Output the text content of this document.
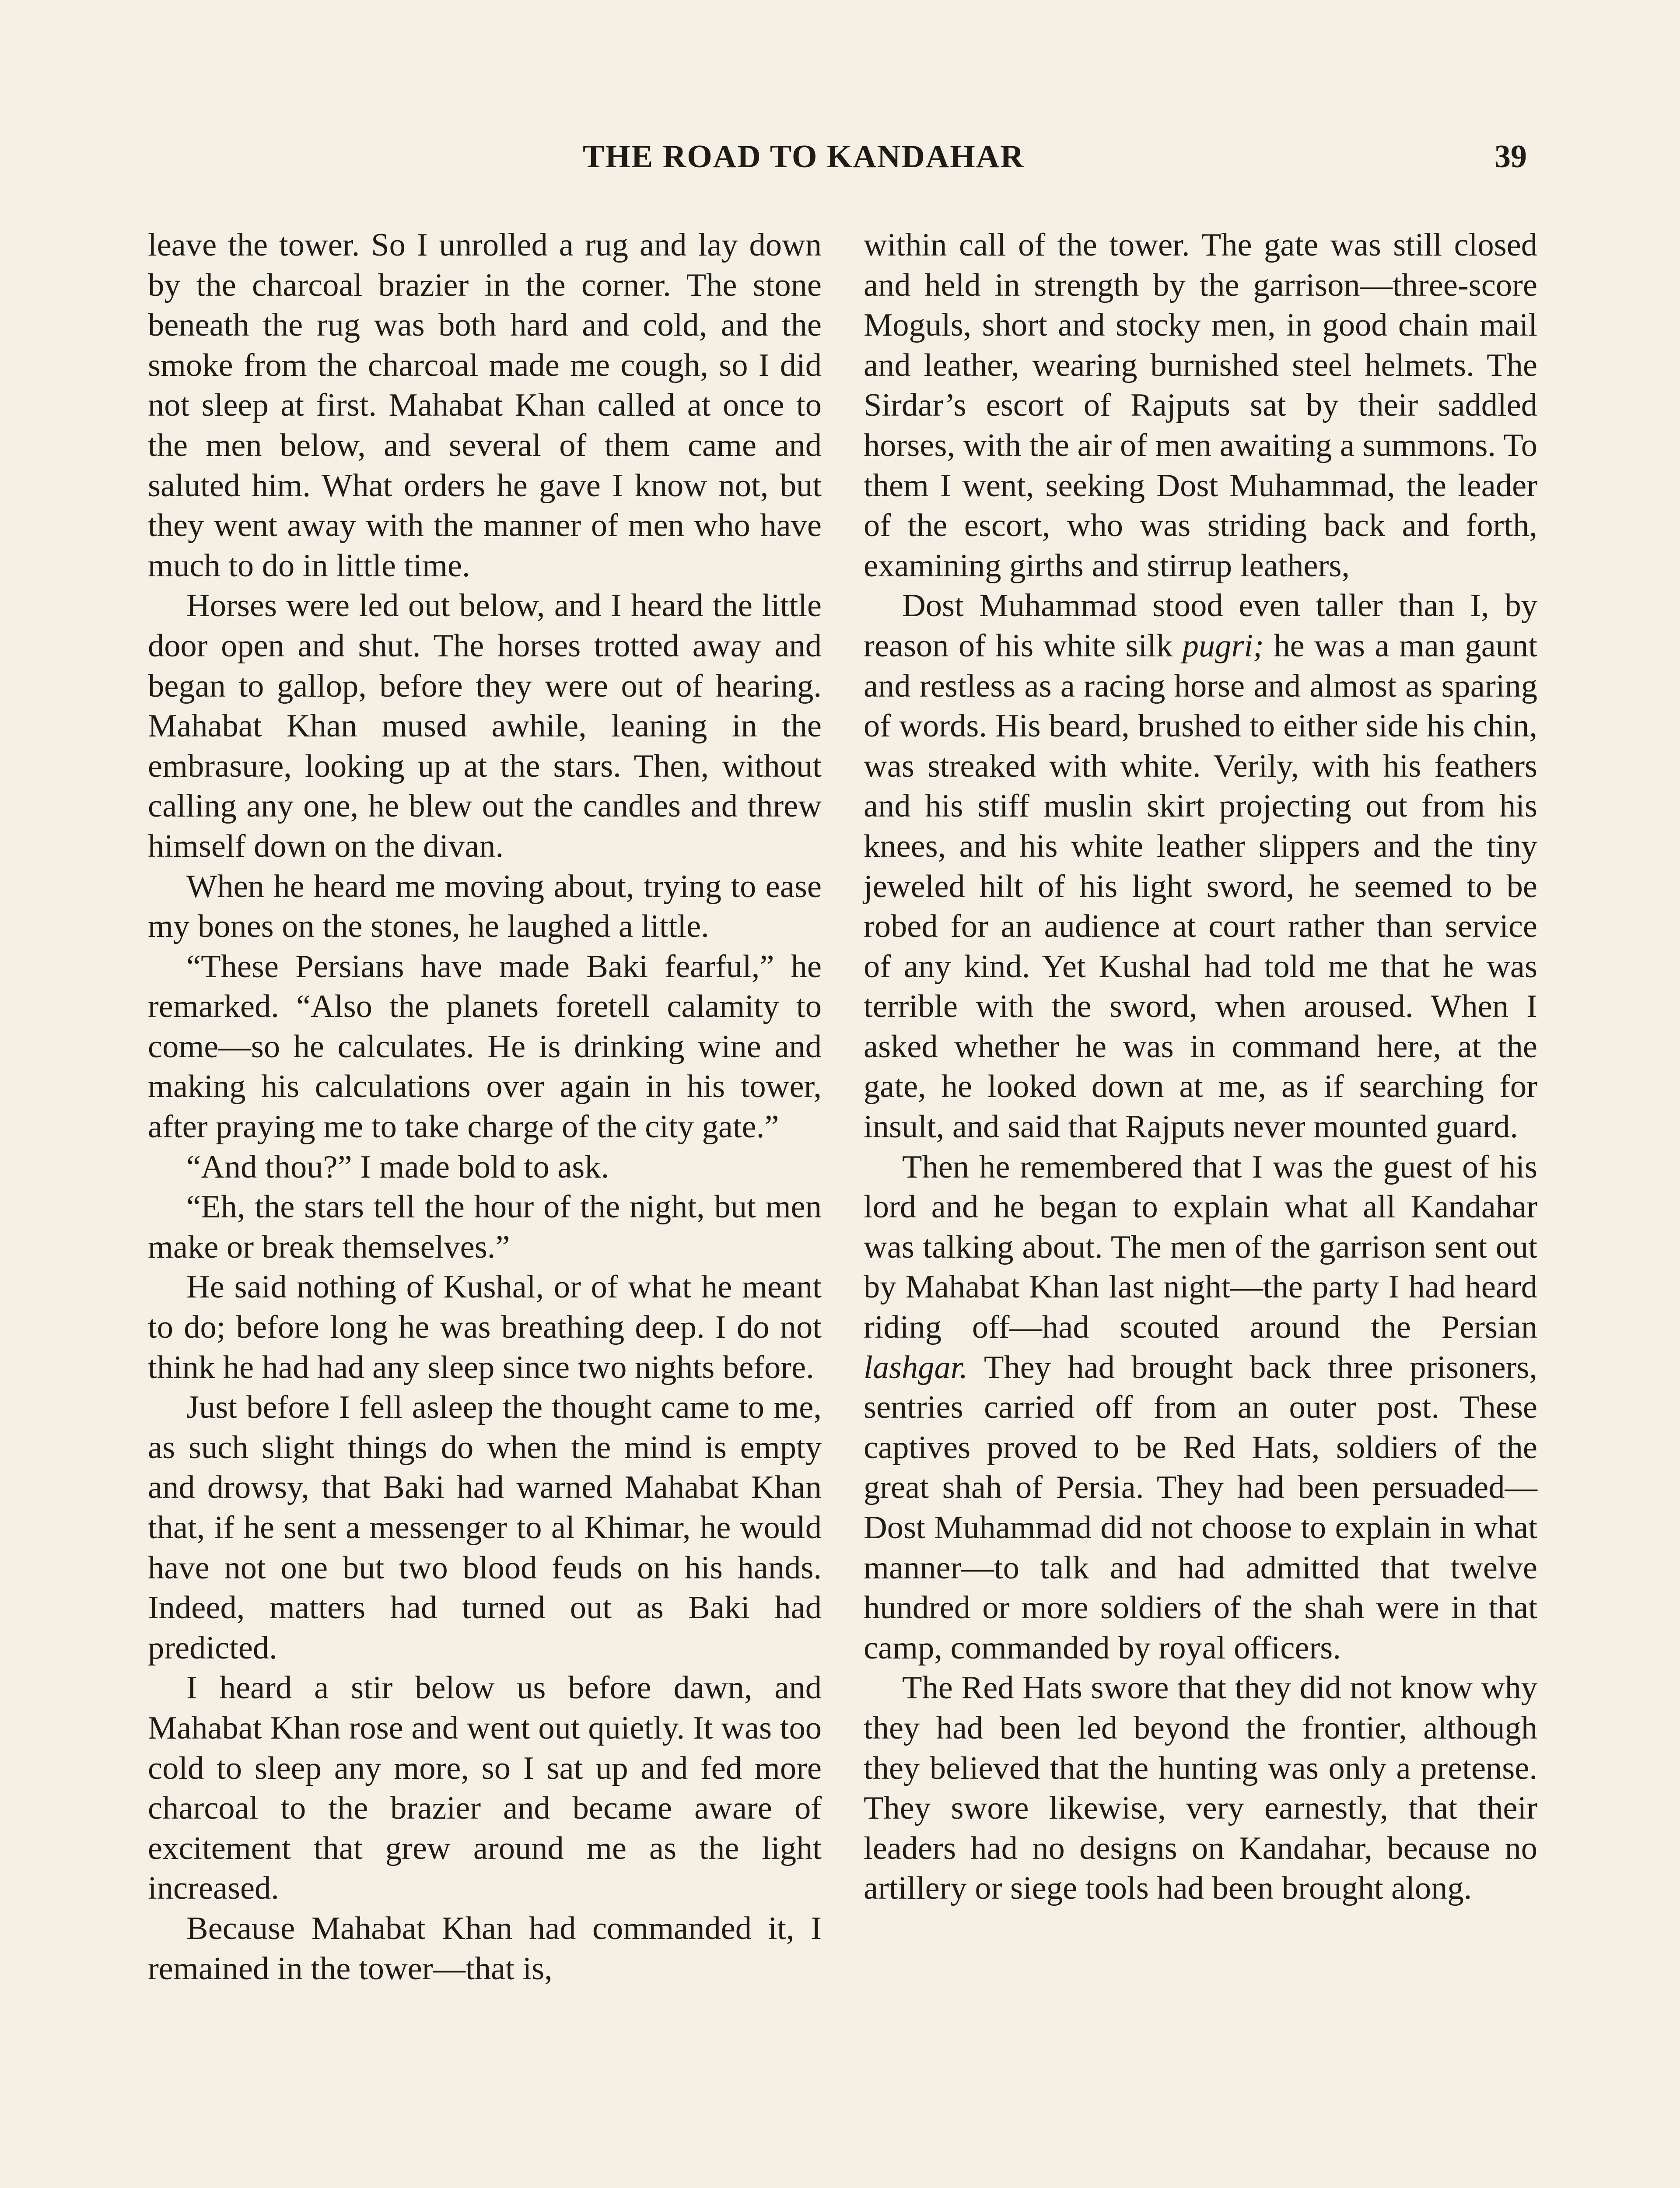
THE ROAD TO KANDAHAR	39

leave the tower. So I unrolled a rug and lay down by the charcoal brazier in the corner. The stone beneath the rug was both hard and cold, and the smoke from the charcoal made me cough, so I did not sleep at first. Mahabat Khan called at once to the men below, and several of them came and saluted him. What orders he gave I know not, but they went away with the manner of men who have much to do in little time.

Horses were led out below, and I heard the little door open and shut. The horses trotted away and began to gallop, before they were out of hearing. Mahabat Khan mused awhile, leaning in the embrasure, looking up at the stars. Then, without calling any one, he blew out the candles and threw himself down on the divan.

When he heard me moving about, trying to ease my bones on the stones, he laughed a little.

“These Persians have made Baki fearful,” he remarked. “Also the planets foretell calamity to come—so he calculates. He is drinking wine and making his calculations over again in his tower, after praying me to take charge of the city gate.”

“And thou?” I made bold to ask.

“Eh, the stars tell the hour of the night, but men make or break themselves.”

He said nothing of Kushal, or of what he meant to do; before long he was breathing deep. I do not think he had had any sleep since two nights before.

Just before I fell asleep the thought came to me, as such slight things do when the mind is empty and drowsy, that Baki had warned Mahabat Khan that, if he sent a messenger to al Khimar, he would have not one but two blood feuds on his hands. Indeed, matters had turned out as Baki had predicted.

I heard a stir below us before dawn, and Mahabat Khan rose and went out quietly. It was too cold to sleep any more, so I sat up and fed more charcoal to the brazier and became aware of excitement that grew around me as the light increased.

Because Mahabat Khan had commanded it, I remained in the tower—that is,

within call of the tower. The gate was still closed and held in strength by the garrison—three-score Moguls, short and stocky men, in good chain mail and leather, wearing burnished steel helmets. The Sirdar’s escort of Rajputs sat by their saddled horses, with the air of men awaiting a summons. To them I went, seeking Dost Muhammad, the leader of the escort, who was striding back and forth, examining girths and stirrup leathers,

Dost Muhammad stood even taller than I, by reason of his white silk pugri; he was a man gaunt and restless as a racing horse and almost as sparing of words. His beard, brushed to either side his chin, was streaked with white. Verily, with his feathers and his stiff muslin skirt projecting out from his knees, and his white leather slippers and the tiny jeweled hilt of his light sword, he seemed to be robed for an audience at court rather than service of any kind. Yet Kushal had told me that he was terrible with the sword, when aroused. When I asked whether he was in command here, at the gate, he looked down at me, as if searching for insult, and said that Rajputs never mounted guard.

Then he remembered that I was the guest of his lord and he began to explain what all Kandahar was talking about. The men of the garrison sent out by Mahabat Khan last night—the party I had heard riding off—had scouted around the Persian lashgar. They had brought back three prisoners, sentries carried off from an outer post. These captives proved to be Red Hats, soldiers of the great shah of Persia. They had been persuaded—Dost Muhammad did not choose to explain in what manner—to talk and had admitted that twelve hundred or more soldiers of the shah were in that camp, commanded by royal officers.

The Red Hats swore that they did not know why they had been led beyond the frontier, although they believed that the hunting was only a pretense. They swore likewise, very earnestly, that their leaders had no designs on Kandahar, because no artillery or siege tools had been brought along.
